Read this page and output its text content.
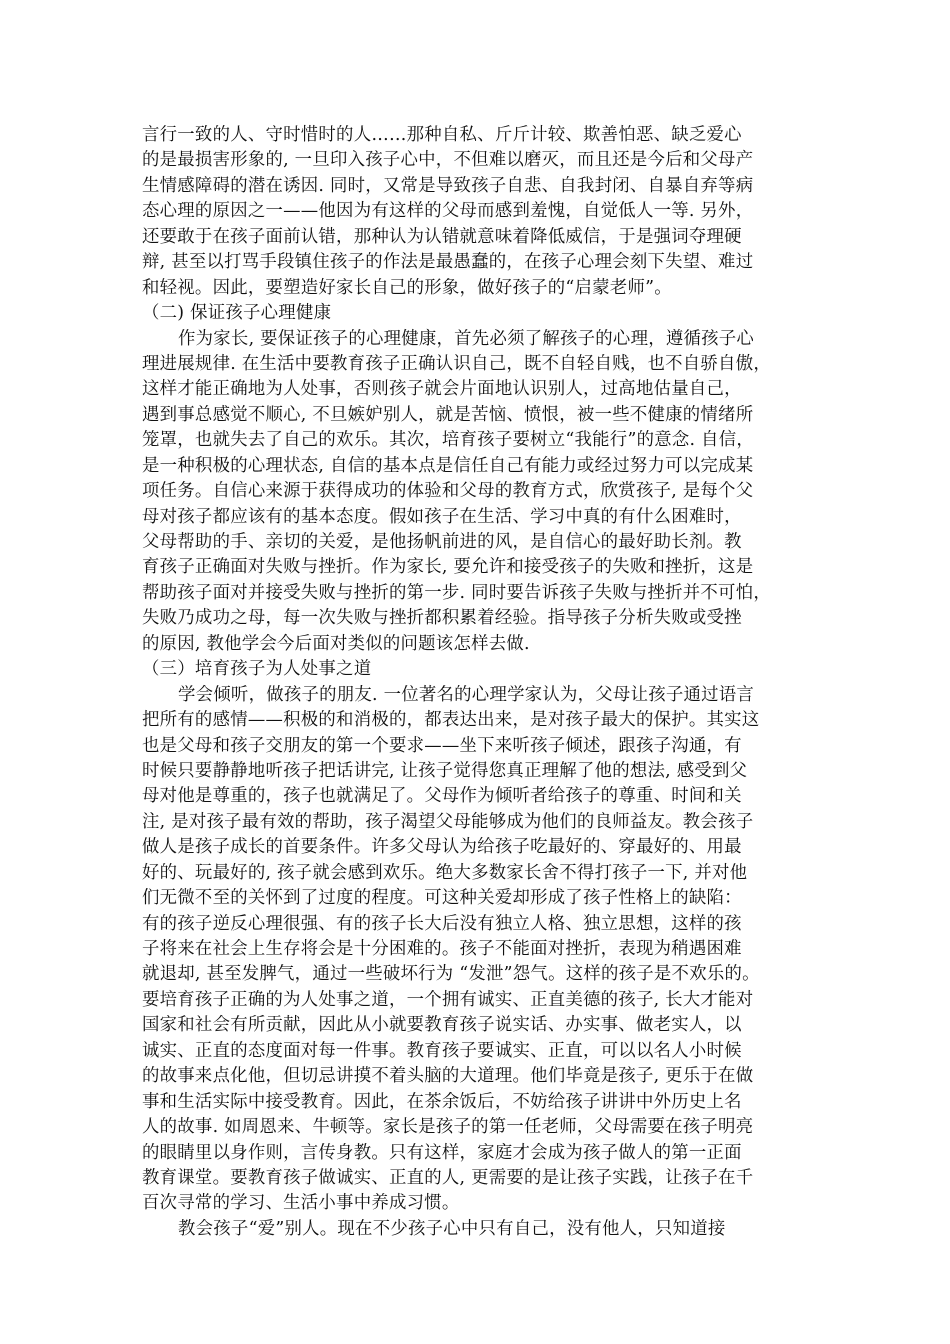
言行一致的人、守时惜时的人……那种自私、斤斤计较、欺善怕恶、缺乏爱心
的是最损害形象的, 一旦印入孩子心中，不但难以磨灭，而且还是今后和父母产
生情感障碍的潜在诱因. 同时，又常是导致孩子自悲、自我封闭、自暴自弃等病
态心理的原因之一——他因为有这样的父母而感到羞愧，自觉低人一等. 另外，
还要敢于在孩子面前认错，那种认为认错就意味着降低威信，于是强词夺理硬
辩, 甚至以打骂手段镇住孩子的作法是最愚蠢的，在孩子心理会刻下失望、难过
和轻视。因此，要塑造好家长自己的形象，做好孩子的“启蒙老师”。
（二) 保证孩子心理健康
作为家长, 要保证孩子的心理健康，首先必须了解孩子的心理，遵循孩子心
理进展规律. 在生活中要教育孩子正确认识自己，既不自轻自贱，也不自骄自傲，
这样才能正确地为人处事，否则孩子就会片面地认识别人，过高地估量自己，
遇到事总感觉不顺心, 不旦嫉妒别人，就是苦恼、愤恨，被一些不健康的情绪所
笼罩，也就失去了自己的欢乐。其次，培育孩子要树立“我能行”的意念. 自信，
是一种积极的心理状态, 自信的基本点是信任自己有能力或经过努力可以完成某
项任务。自信心来源于获得成功的体验和父母的教育方式，欣赏孩子, 是每个父
母对孩子都应该有的基本态度。假如孩子在生活、学习中真的有什么困难时，
父母帮助的手、亲切的关爱，是他扬帆前进的风，是自信心的最好助长剂。教
育孩子正确面对失败与挫折。作为家长, 要允许和接受孩子的失败和挫折，这是
帮助孩子面对并接受失败与挫折的第一步. 同时要告诉孩子失败与挫折并不可怕，
失败乃成功之母，每一次失败与挫折都积累着经验。指导孩子分析失败或受挫
的原因, 教他学会今后面对类似的问题该怎样去做.
（三）培育孩子为人处事之道
学会倾听，做孩子的朋友. 一位著名的心理学家认为，父母让孩子通过语言
把所有的感情——积极的和消极的，都表达出来，是对孩子最大的保护。其实这
也是父母和孩子交朋友的第一个要求——坐下来听孩子倾述，跟孩子沟通，有
时候只要静静地听孩子把话讲完, 让孩子觉得您真正理解了他的想法, 感受到父
母对他是尊重的，孩子也就满足了。父母作为倾听者给孩子的尊重、时间和关
注, 是对孩子最有效的帮助，孩子渴望父母能够成为他们的良师益友。教会孩子
做人是孩子成长的首要条件。许多父母认为给孩子吃最好的、穿最好的、用最
好的、玩最好的, 孩子就会感到欢乐。绝大多数家长舍不得打孩子一下, 并对他
们无微不至的关怀到了过度的程度。可这种关爱却形成了孩子性格上的缺陷：
有的孩子逆反心理很强、有的孩子长大后没有独立人格、独立思想，这样的孩
子将来在社会上生存将会是十分困难的。孩子不能面对挫折，表现为稍遇困难
就退却, 甚至发脾气，通过一些破坏行为 “发泄”怨气。这样的孩子是不欢乐的。
要培育孩子正确的为人处事之道，一个拥有诚实、正直美德的孩子, 长大才能对
国家和社会有所贡献，因此从小就要教育孩子说实话、办实事、做老实人，以
诚实、正直的态度面对每一件事。教育孩子要诚实、正直，可以以名人小时候
的故事来点化他，但切忌讲摸不着头脑的大道理。他们毕竟是孩子, 更乐于在做
事和生活实际中接受教育。因此，在茶余饭后，不妨给孩子讲讲中外历史上名
人的故事. 如周恩来、牛顿等。家长是孩子的第一任老师，父母需要在孩子明亮
的眼睛里以身作则，言传身教。只有这样，家庭才会成为孩子做人的第一正面
教育课堂。要教育孩子做诚实、正直的人, 更需要的是让孩子实践，让孩子在千
百次寻常的学习、生活小事中养成习惯。
教会孩子“爱”别人。现在不少孩子心中只有自己，没有他人，只知道接
